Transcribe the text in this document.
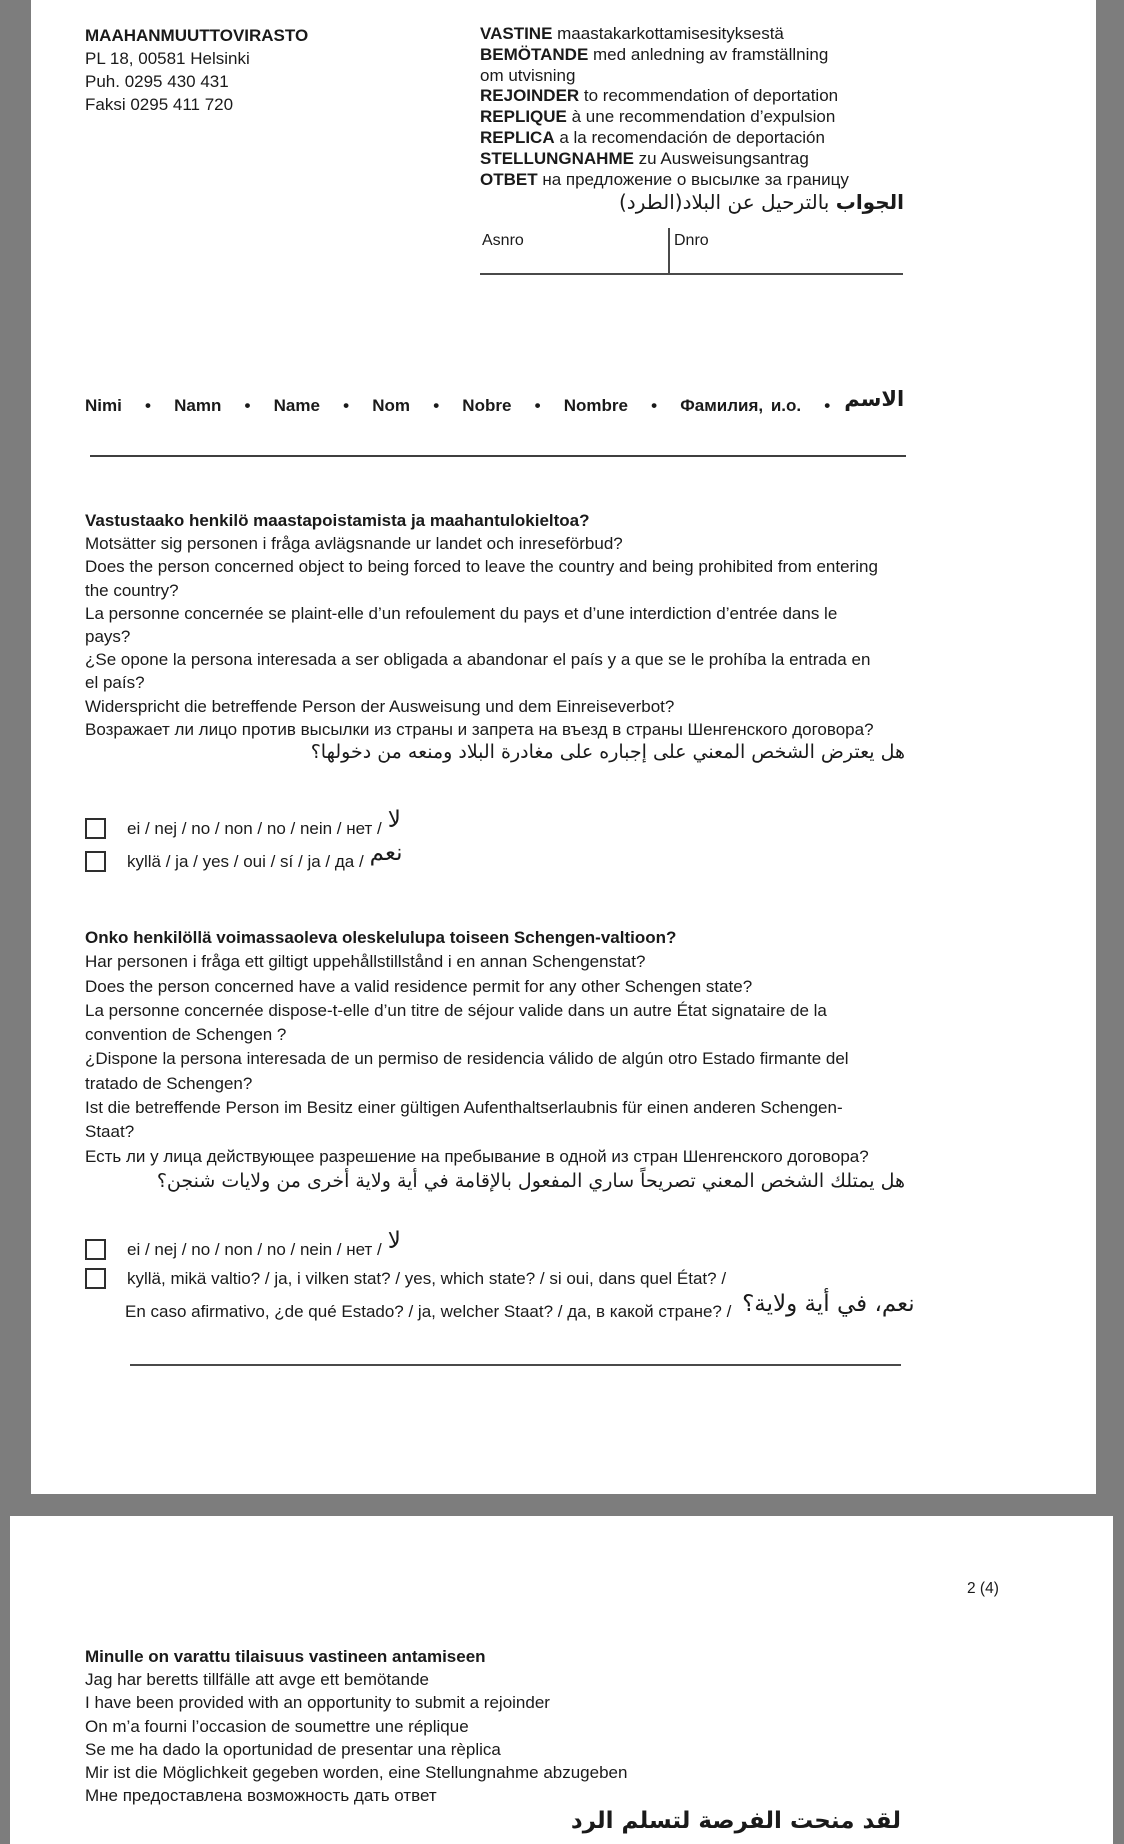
MAAHANMUUTTOVIRASTO
PL 18, 00581 Helsinki
Puh. 0295 430 431
Faksi 0295 411 720
VASTINE maastakarkottamisesityksestä
BEMÖTANDE med anledning av framställning
om utvisning
REJOINDER to recommendation of deportation
REPLIQUE à une recommendation d’expulsion
REPLICA a la recomendación de deportación
STELLUNGNAHME zu Ausweisungsantrag
ОТВЕТ на предложение о высылке за границу
الجواب بالترحيل عن البلاد(الطرد)
Asnro	Dnro
Nimi   •   Namn   •   Name   •   Nom   •   Nobre   •   Nombre   •   Фамилия, и.о.   • الاسم
Vastustaako henkilö maastapoistamista ja maahantulokieltoa?
Motsätter sig personen i fråga avlägsnande ur landet och inreseförbud?
Does the person concerned object to being forced to leave the country and being prohibited from entering
the country?
La personne concernée se plaint-elle d’un refoulement du pays et d’une interdiction d’entrée dans le
pays?
¿Se opone la persona interesada a ser obligada a abandonar el país y a que se le prohíba la entrada en
el país?
Widerspricht die betreffende Person der Ausweisung und dem Einreiseverbot?
Возражает ли лицо против высылки из страны и запрета на въезд в страны Шенгенского договора?
هل يعترض الشخص المعني على إجباره على مغادرة البلاد ومنعه من دخولها؟
ei / nej / no / non / no / nein / нет / لا
kyllä / ja / yes / oui / sí / ja / да / نعم
Onko henkilöllä voimassaoleva oleskelulupa toiseen Schengen-valtioon?
Har personen i fråga ett giltigt uppehållstillstånd i en annan Schengenstat?
Does the person concerned have a valid residence permit for any other Schengen state?
La personne concernée dispose-t-elle d’un titre de séjour valide dans un autre État signataire de la
convention de Schengen ?
¿Dispone la persona interesada de un permiso de residencia válido de algún otro Estado firmante del
tratado de Schengen?
Ist die betreffende Person im Besitz einer gültigen Aufenthaltserlaubnis für einen anderen Schengen-
Staat?
Есть ли у лица действующее разрешение на пребывание в одной из стран Шенгенского договора?
هل يمتلك الشخص المعني تصريحاً ساري المفعول بالإقامة في أية ولاية أخرى من ولايات شنجن؟
ei / nej / no / non / no / nein / нет / لا
kyllä, mikä valtio? / ja, i vilken stat? / yes, which state? / si oui, dans quel État? /
En caso afirmativo, ¿de qué Estado? / ja, welcher Staat? / да, в какой стране? / نعم، في أية ولاية؟
2 (4)
Minulle on varattu tilaisuus vastineen antamiseen
Jag har beretts tillfälle att avge ett bemötande
I have been provided with an opportunity to submit a rejoinder
On m’a fourni l’occasion de soumettre une réplique
Se me ha dado la oportunidad de presentar una rèplica
Mir ist die Möglichkeit gegeben worden, eine Stellungnahme abzugeben
Мне предоставлена возможность дать ответ
لقد منحت الفرصة لتسلم الرد
